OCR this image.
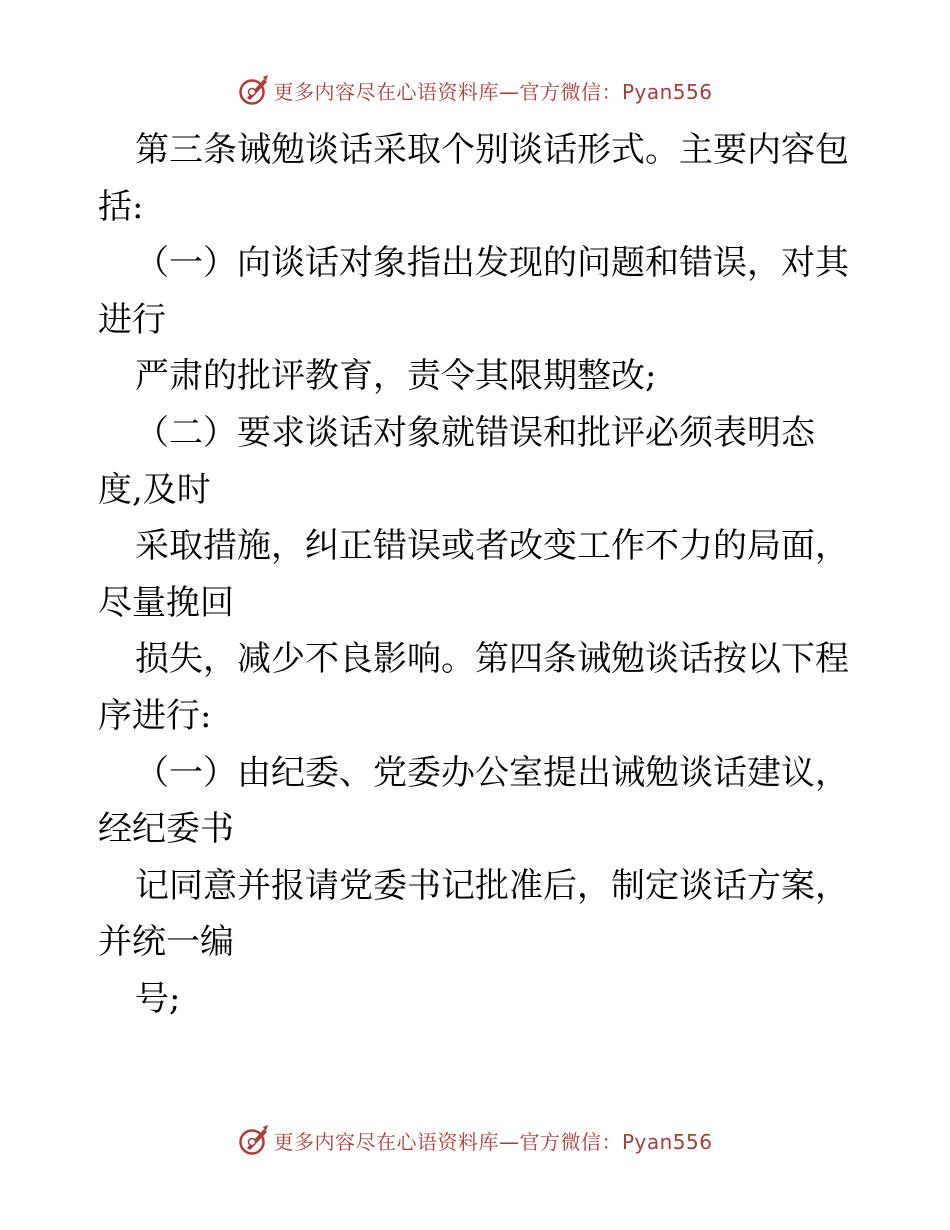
更多内容尽在心语资料库—官方微信：Pyan556
第三条诫勉谈话采取个别谈话形式。主要内容包
括:
（一）向谈话对象指出发现的问题和错误，对其
进行
严肃的批评教育，责令其限期整改;
（二）要求谈话对象就错误和批评必须表明态
度,及时
采取措施，纠正错误或者改变工作不力的局面，
尽量挽回
损失，减少不良影响。第四条诫勉谈话按以下程
序进行:
（一）由纪委、党委办公室提出诫勉谈话建议，
经纪委书
记同意并报请党委书记批准后，制定谈话方案，
并统一编
号;
更多内容尽在心语资料库—官方微信：Pyan556
